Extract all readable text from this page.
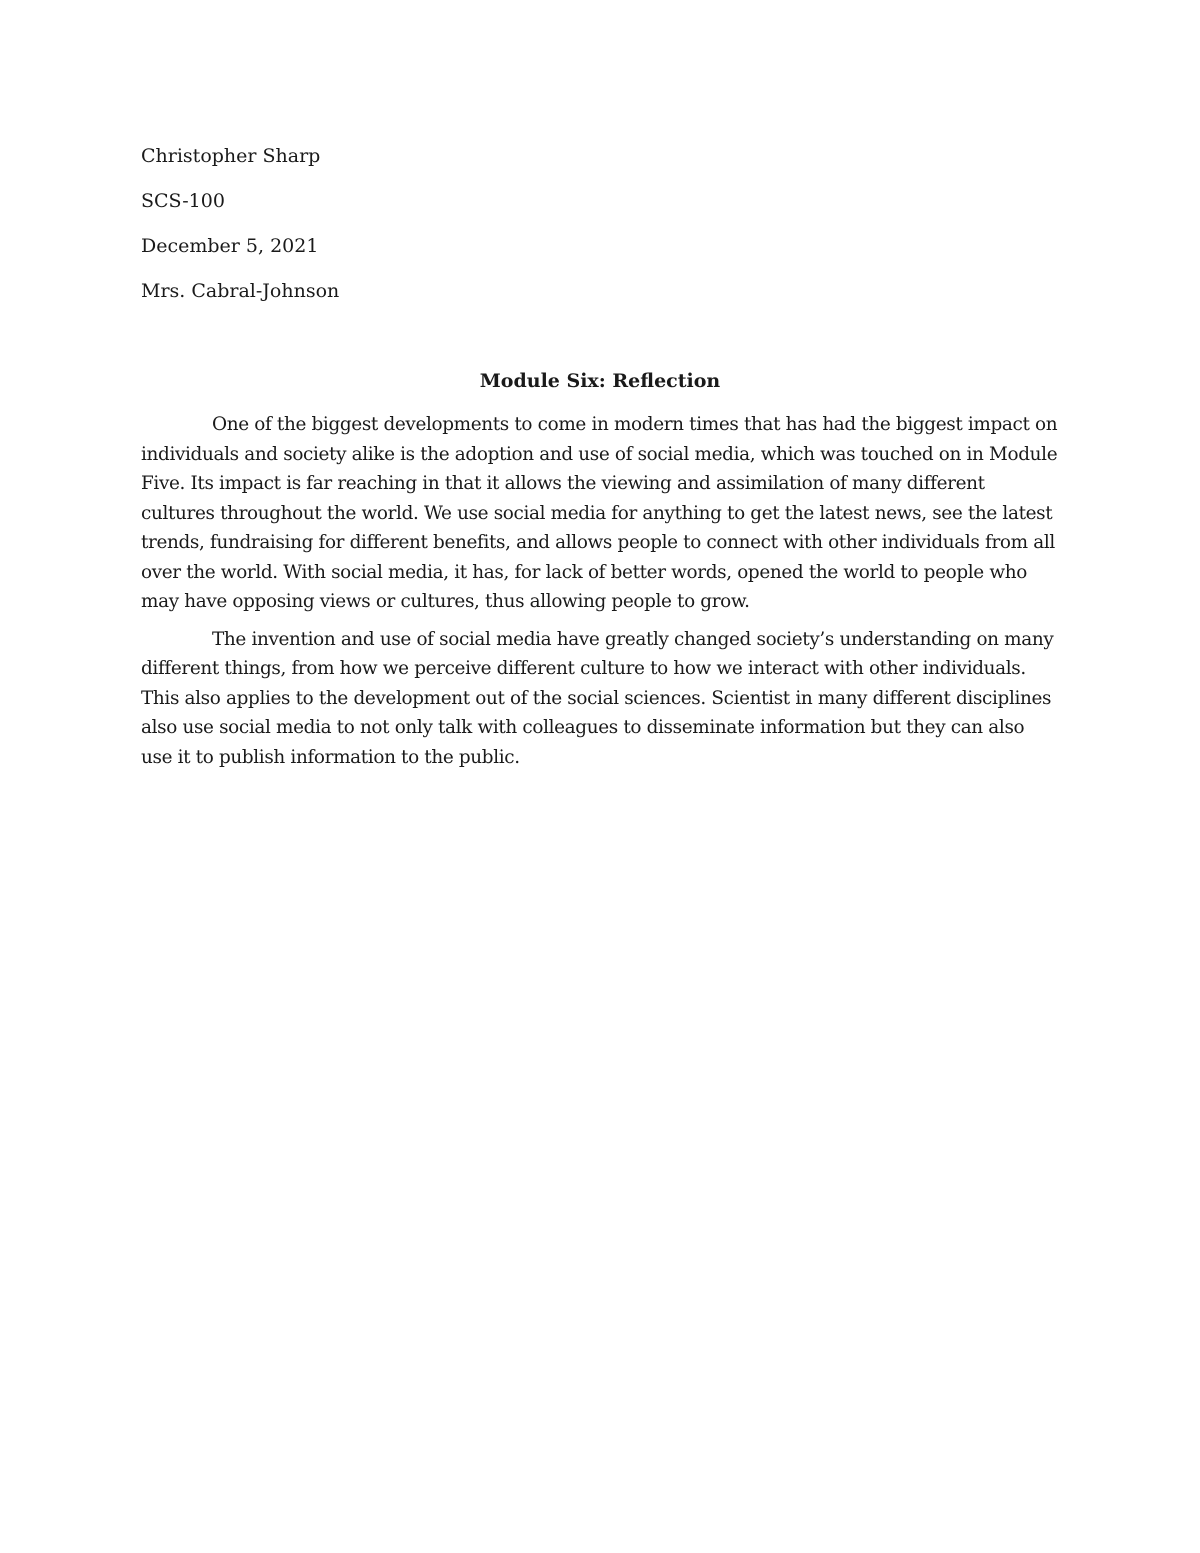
Christopher Sharp
SCS-100
December 5, 2021
Mrs. Cabral-Johnson
Module Six: Reflection

One of the biggest developments to come in modern times that has had the biggest impact on individuals and society alike is the adoption and use of social media, which was touched on in Module Five. Its impact is far reaching in that it allows the viewing and assimilation of many different cultures throughout the world. We use social media for anything to get the latest news, see the latest trends, fundraising for different benefits, and allows people to connect with other individuals from all over the world. With social media, it has, for lack of better words, opened the world to people who may have opposing views or cultures, thus allowing people to grow.

The invention and use of social media have greatly changed society’s understanding on many different things, from how we perceive different culture to how we interact with other individuals. This also applies to the development out of the social sciences. Scientist in many different disciplines also use social media to not only talk with colleagues to disseminate information but they can also use it to publish information to the public.
